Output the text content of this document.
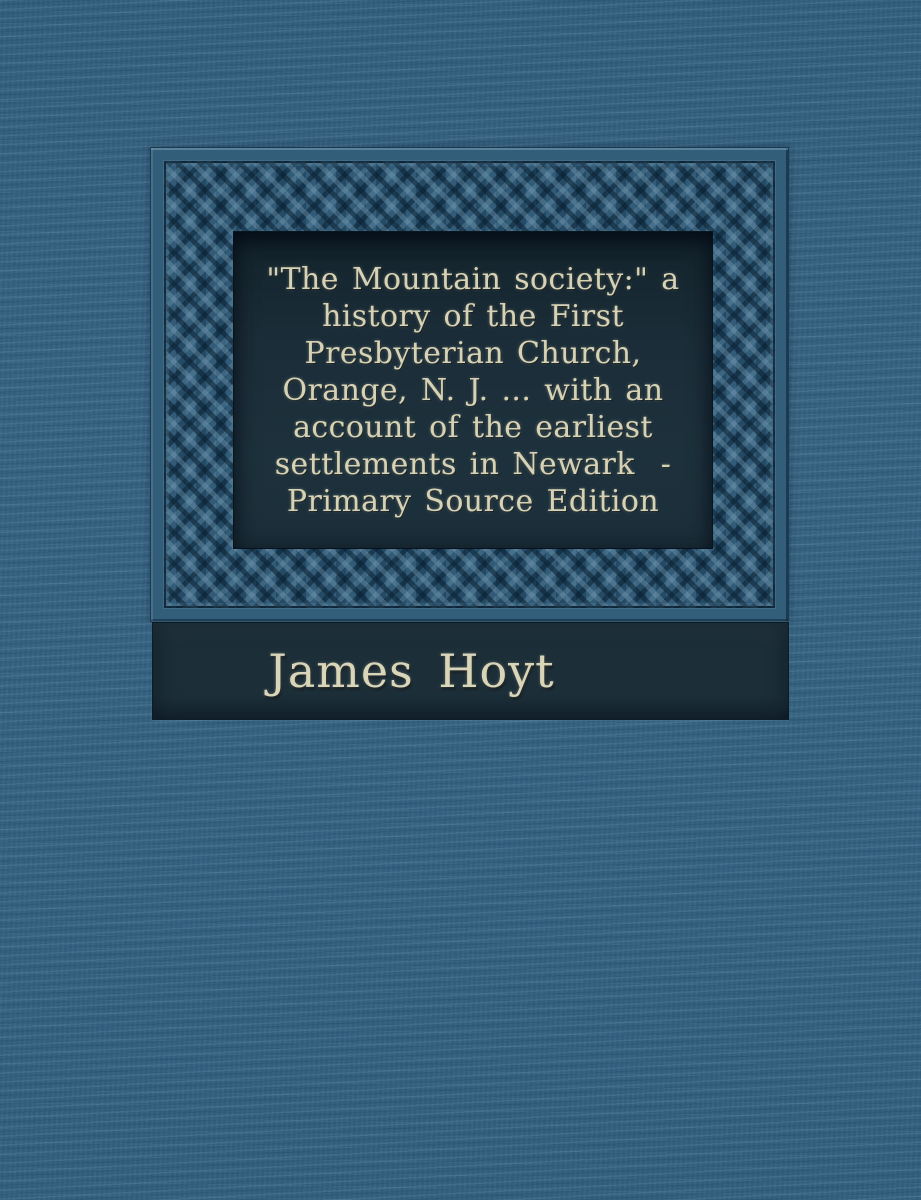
"The Mountain society:" a
history of the First
Presbyterian Church,
Orange, N. J. ... with an
account of the earliest
settlements in Newark  -
Primary Source Edition
James Hoyt
